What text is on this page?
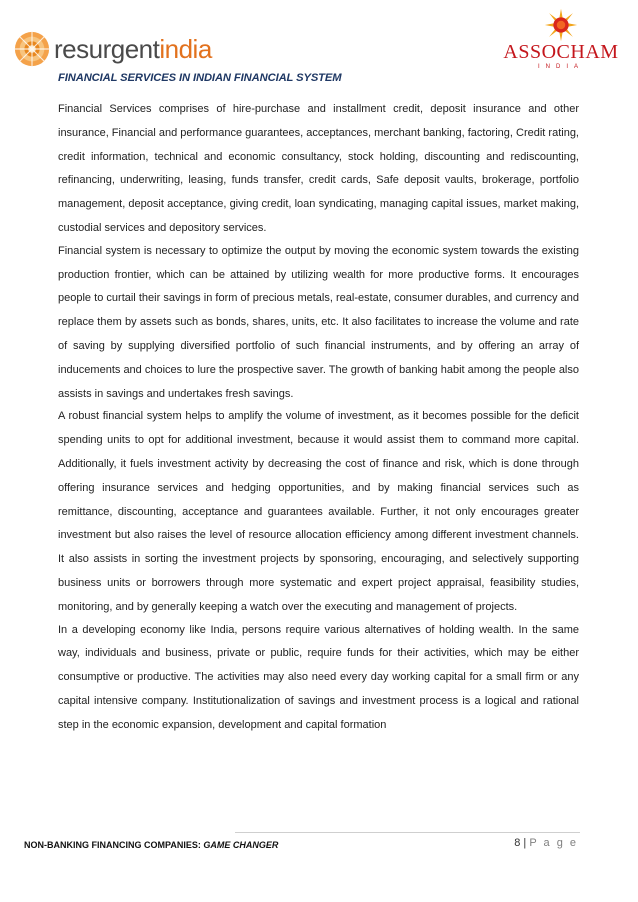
resurgentindia	ASSOCHAM
INDIA
FINANCIAL SERVICES IN INDIAN FINANCIAL SYSTEM

Financial Services comprises of hire-purchase and installment credit, deposit insurance and other insurance, Financial and performance guarantees, acceptances, merchant banking, factoring, Credit rating, credit information, technical and economic consultancy, stock holding, discounting and rediscounting, refinancing, underwriting, leasing, funds transfer, credit cards, Safe deposit vaults, brokerage, portfolio management, deposit acceptance, giving credit, loan syndicating, managing capital issues, market making, custodial services and depository services.

Financial system is necessary to optimize the output by moving the economic system towards the existing production frontier, which can be attained by utilizing wealth for more productive forms. It encourages people to curtail their savings in form of precious metals, real-estate, consumer durables, and currency and replace them by assets such as bonds, shares, units, etc. It also facilitates to increase the volume and rate of saving by supplying diversified portfolio of such financial instruments, and by offering an array of inducements and choices to lure the prospective saver. The growth of banking habit among the people also assists in savings and undertakes fresh savings.

A robust financial system helps to amplify the volume of investment, as it becomes possible for the deficit spending units to opt for additional investment, because it would assist them to command more capital. Additionally, it fuels investment activity by decreasing the cost of finance and risk, which is done through offering insurance services and hedging opportunities, and by making financial services such as remittance, discounting, acceptance and guarantees available. Further, it not only encourages greater investment but also raises the level of resource allocation efficiency among different investment channels. It also assists in sorting the investment projects by sponsoring, encouraging, and selectively supporting business units or borrowers through more systematic and expert project appraisal, feasibility studies, monitoring, and by generally keeping a watch over the executing and management of projects.

In a developing economy like India, persons require various alternatives of holding wealth. In the same way, individuals and business, private or public, require funds for their activities, which may be either consumptive or productive. The activities may also need every day working capital for a small firm or any capital intensive company. Institutionalization of savings and investment process is a logical and rational step in the economic expansion, development and capital formation

NON-BANKING FINANCING COMPANIES: GAME CHANGER	8 | P a g e
